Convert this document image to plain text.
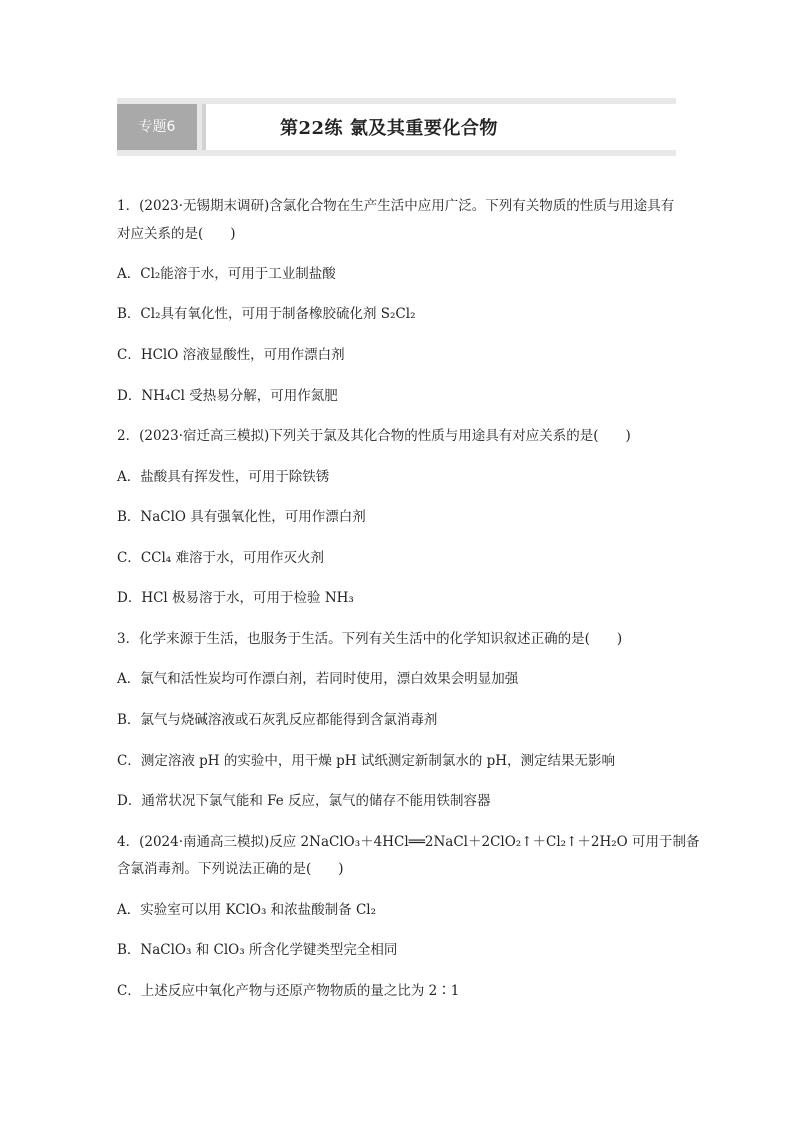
专题6	第22练 氯及其重要化合物
1．(2023·无锡期末调研)含氯化合物在生产生活中应用广泛。下列有关物质的性质与用途具有
对应关系的是(　　)
A．Cl₂能溶于水，可用于工业制盐酸
B．Cl₂具有氧化性，可用于制备橡胶硫化剂 S₂Cl₂
C．HClO 溶液显酸性，可用作漂白剂
D．NH₄Cl 受热易分解，可用作氮肥
2．(2023·宿迁高三模拟)下列关于氯及其化合物的性质与用途具有对应关系的是(　　)
A．盐酸具有挥发性，可用于除铁锈
B．NaClO 具有强氧化性，可用作漂白剂
C．CCl₄ 难溶于水，可用作灭火剂
D．HCl 极易溶于水，可用于检验 NH₃
3．化学来源于生活，也服务于生活。下列有关生活中的化学知识叙述正确的是(　　)
A．氯气和活性炭均可作漂白剂，若同时使用，漂白效果会明显加强
B．氯气与烧碱溶液或石灰乳反应都能得到含氯消毒剂
C．测定溶液 pH 的实验中，用干燥 pH 试纸测定新制氯水的 pH，测定结果无影响
D．通常状况下氯气能和 Fe 反应，氯气的储存不能用铁制容器
4．(2024·南通高三模拟)反应 2NaClO₃＋4HCl══2NaCl＋2ClO₂↑＋Cl₂↑＋2H₂O 可用于制备
含氯消毒剂。下列说法正确的是(　　)
A．实验室可以用 KClO₃ 和浓盐酸制备 Cl₂
B．NaClO₃ 和 ClO₃ 所含化学键类型完全相同
C．上述反应中氧化产物与还原产物物质的量之比为 2∶1
